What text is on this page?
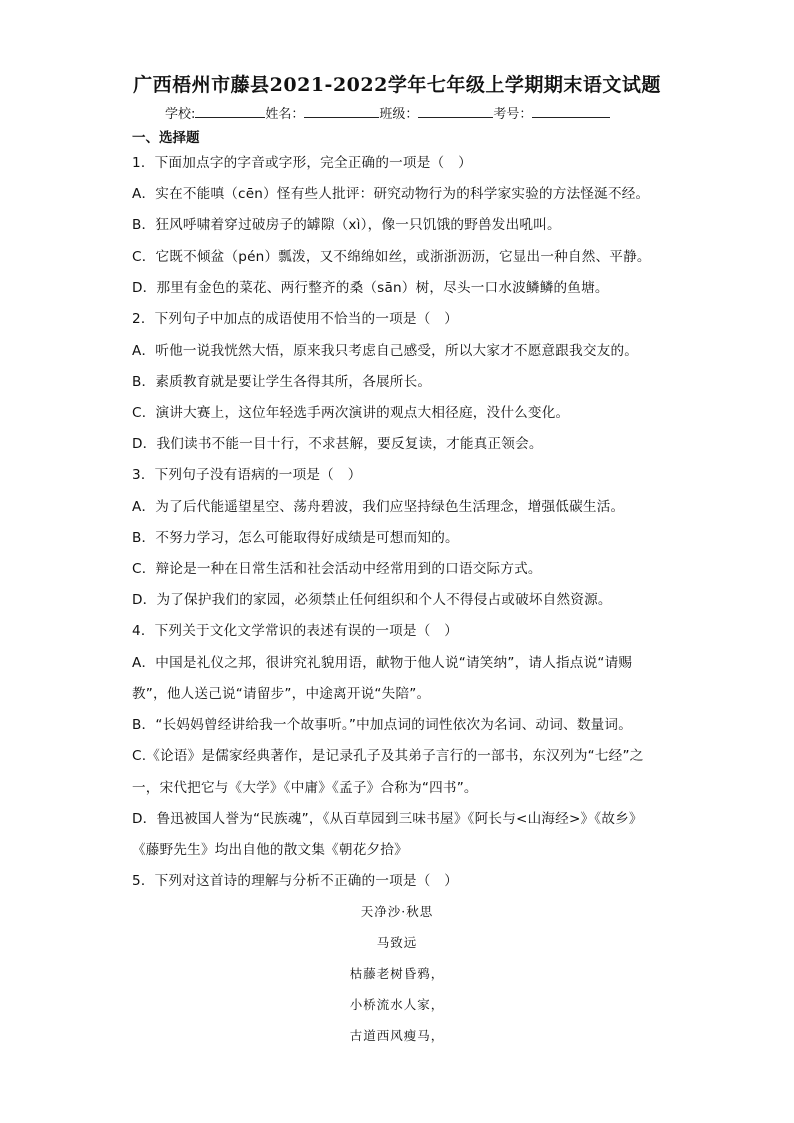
广西梧州市藤县2021-2022学年七年级上学期期末语文试题
学校:	姓名：	班级：	考号：
一、选择题
1．下面加点字的字音或字形，完全正确的一项是（　）
A．实在不能嗔（cēn）怪有些人批评：研究动物行为的科学家实验的方法怪涎不经。
B．狂风呼啸着穿过破房子的罅隙（xì），像一只饥饿的野兽发出吼叫。
C．它既不倾盆（pén）瓢泼，又不绵绵如丝，或浙浙沥沥，它显出一种自然、平静。
D．那里有金色的菜花、两行整齐的桑（sān）树，尽头一口水波鳞鳞的鱼塘。
2．下列句子中加点的成语使用不恰当的一项是（　）
A．听他一说我恍然大悟，原来我只考虑自己感受，所以大家才不愿意跟我交友的。
B．素质教育就是要让学生各得其所，各展所长。
C．演讲大赛上，这位年轻选手两次演讲的观点大相径庭，没什么变化。
D．我们读书不能一目十行，不求甚解，要反复读，才能真正领会。
3．下列句子没有语病的一项是（　）
A．为了后代能遥望星空、荡舟碧波，我们应坚持绿色生活理念，增强低碳生活。
B．不努力学习，怎么可能取得好成绩是可想而知的。
C．辩论是一种在日常生活和社会活动中经常用到的口语交际方式。
D．为了保护我们的家园，必须禁止任何组织和个人不得侵占或破坏自然资源。
4．下列关于文化文学常识的表述有误的一项是（　）
A．中国是礼仪之邦，很讲究礼貌用语，献物于他人说“请笑纳”，请人指点说“请赐
教”，他人送己说“请留步”，中途离开说“失陪”。
B．“长妈妈曾经讲给我一个故事听。”中加点词的词性依次为名词、动词、数量词。
C.《论语》是儒家经典著作，是记录孔子及其弟子言行的一部书，东汉列为“七经”之
一，宋代把它与《大学》《中庸》《孟子》合称为“四书”。
D．鲁迅被国人誉为“民族魂”，《从百草园到三味书屋》《阿长与<山海经>》《故乡》
《藤野先生》均出自他的散文集《朝花夕拾》
5．下列对这首诗的理解与分析不正确的一项是（　）
天净沙·秋思
马致远
枯藤老树昏鸦，
小桥流水人家，
古道西风瘦马，
